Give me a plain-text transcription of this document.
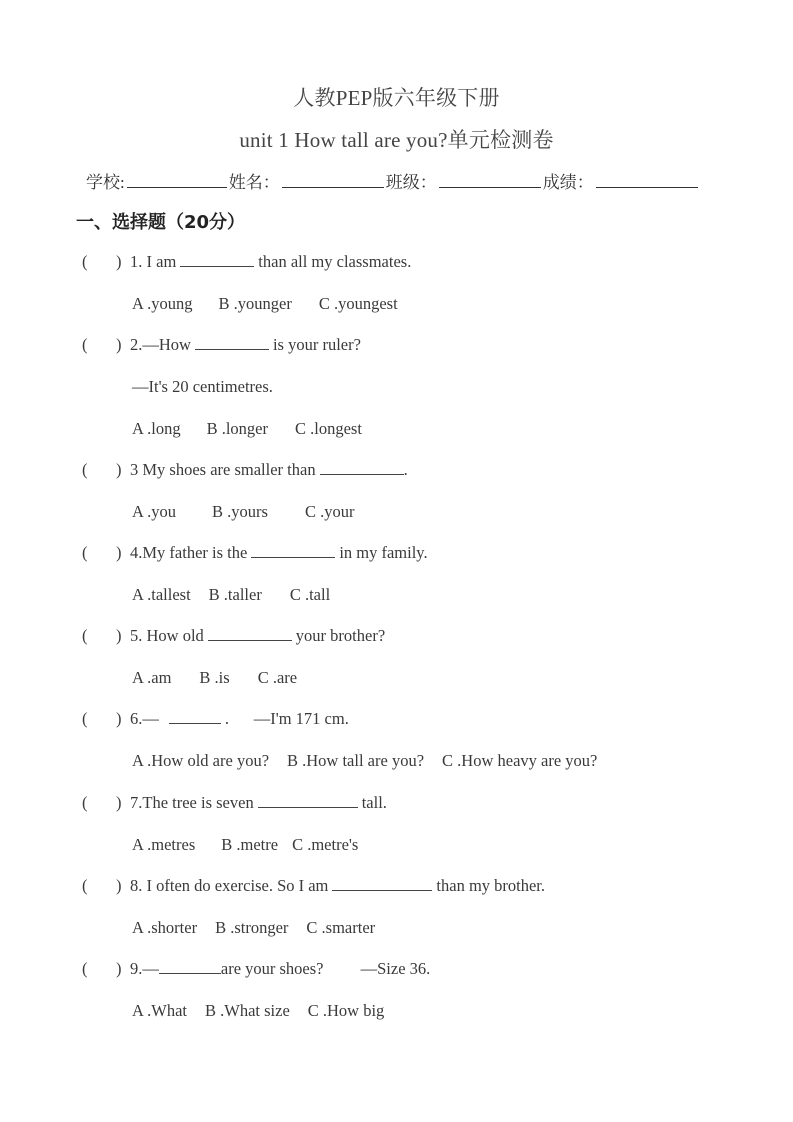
人教PEP版六年级下册
unit 1 How tall are you?单元检测卷
学校:	姓名：	班级：	成绩：
一、选择题（20分）
(	) 1. I am	than all my classmates.
A .young B .younger C .youngest
(	) 2. —How	is your ruler?
—It's 20 centimetres.
A .long B .longer C .longest
(	) 3 My shoes are smaller than	.
A .you B .yours C .your
(	) 4. My father is the	in my family.
A .tallest B .taller C .tall
(	) 5. How old	your brother?
A .am B .is C .are
(	) 6. —	.      —I'm 171 cm.
A .How old are you? B .How tall are you? C .How heavy are you?
(	) 7. The tree is seven	tall.
A .metres B .metre C .metre's
(	) 8. I often do exercise. So I am	than my brother.
A .shorter B .stronger C .smarter
(	) 9. —	are your shoes?         —Size 36.
A .What B .What size C .How big
